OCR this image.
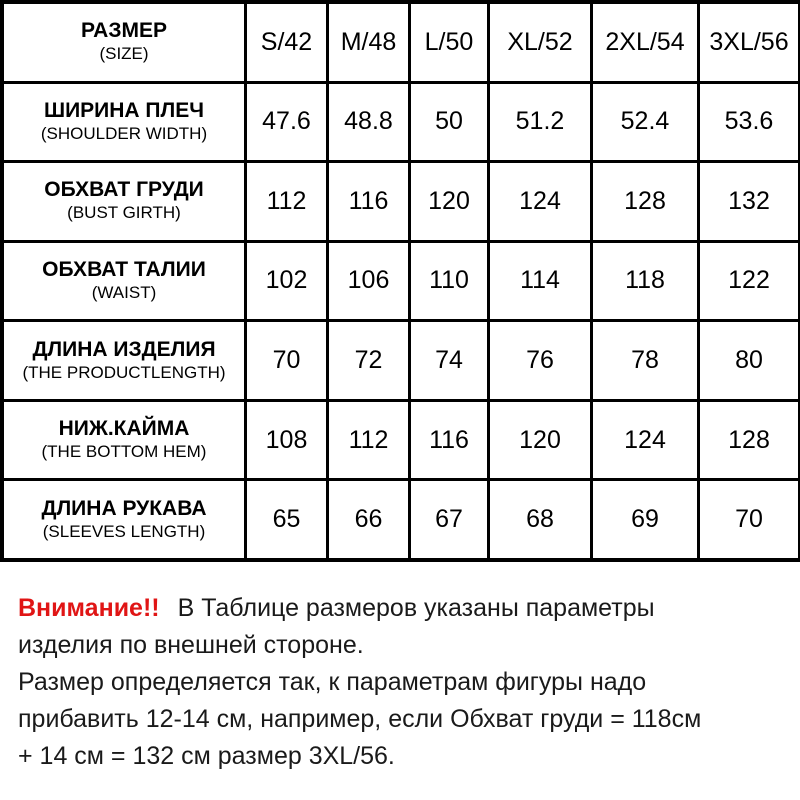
РАЗМЕР
(SIZE)	S/42	M/48	L/50	XL/52	2XL/54 3XL/56
ШИРИНА ПЛЕЧ
(SHOULDER WIDTH)	47.6	48.8	50	51.2	52.4	53.6
ОБХВАТ ГРУДИ
(BUST GIRTH)	112	116	120	124	128	132
ОБХВАТ ТАЛИИ
(WAIST)	102	106	110	114	118	122
ДЛИНА ИЗДЕЛИЯ
(THE PRODUCTLENGTH)	70	72	74	76	78	80
НИЖ.КАЙМА
(THE BOTTOM HEM)	108	112	116	120	124	128
ДЛИНА РУКАВА
(SLEEVES LENGTH)	65	66	67	68	69	70
Внимание!! В Таблице размеров указаны параметры
изделия по внешней стороне.
Размер определяется так, к параметрам фигуры надо
прибавить 12-14 см, например, если Обхват груди = 118см
+ 14 см = 132 см размер 3XL/56.
